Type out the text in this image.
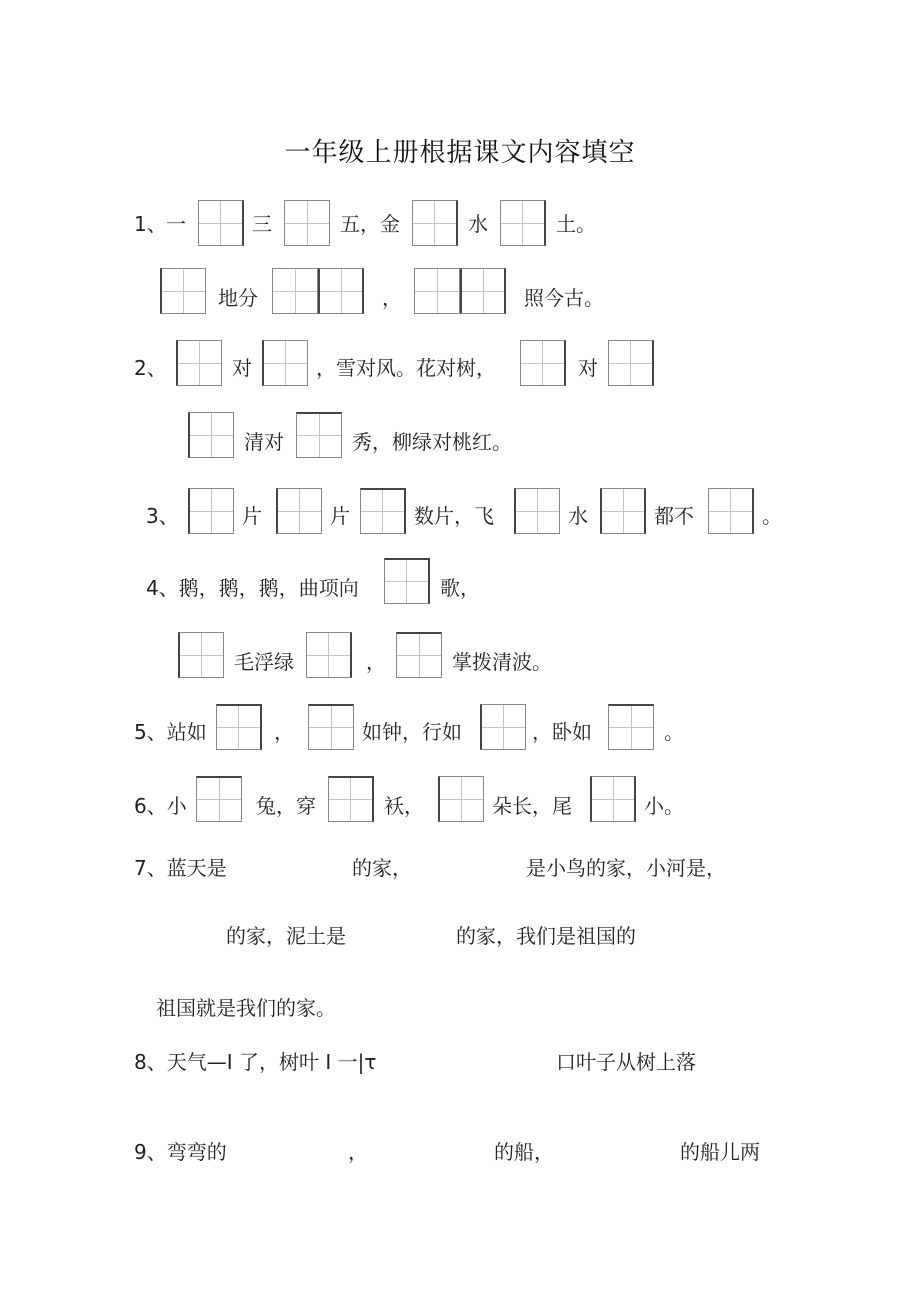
一年级上册根据课文内容填空
1、 一	三	五，金	水	土。
地分	，	照今古。
2、	对	，雪对风。花对树，	对
清对	秀，柳绿对桃红。
3、	片	片	数片，飞	水	都不	。
4、鹅，鹅，鹅，曲项向	歌，
毛浮绿	，	掌拨清波。
5、站如	，	如钟，行如	，卧如	。
6、小	兔，穿	袄，	朵长，尾	小。
7、蓝天是	的家，	是小鸟的家，小河是，
的家，泥土是	的家，我们是祖国的
祖国就是我们的家。
8、天气—I 了，树叶 I 一|τ	口叶子从树上落
9、弯弯的	，	的船，	的船儿两
